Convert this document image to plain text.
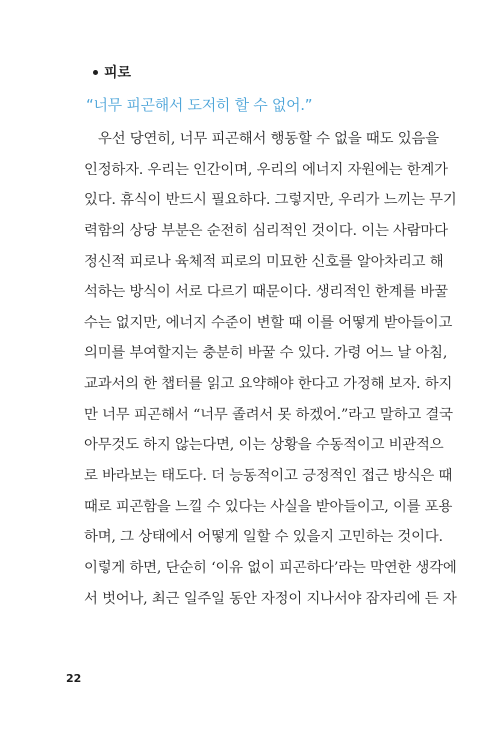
피로
“너무 피곤해서 도저히 할 수 없어.”
우선 당연히, 너무 피곤해서 행동할 수 없을 때도 있음을
인정하자. 우리는 인간이며, 우리의 에너지 자원에는 한계가
있다. 휴식이 반드시 필요하다. 그렇지만, 우리가 느끼는 무기
력함의 상당 부분은 순전히 심리적인 것이다. 이는 사람마다
정신적 피로나 육체적 피로의 미묘한 신호를 알아차리고 해
석하는 방식이 서로 다르기 때문이다. 생리적인 한계를 바꿀
수는 없지만, 에너지 수준이 변할 때 이를 어떻게 받아들이고
의미를 부여할지는 충분히 바꿀 수 있다. 가령 어느 날 아침,
교과서의 한 챕터를 읽고 요약해야 한다고 가정해 보자. 하지
만 너무 피곤해서 “너무 졸려서 못 하겠어.”라고 말하고 결국
아무것도 하지 않는다면, 이는 상황을 수동적이고 비관적으
로 바라보는 태도다. 더 능동적이고 긍정적인 접근 방식은 때
때로 피곤함을 느낄 수 있다는 사실을 받아들이고, 이를 포용
하며, 그 상태에서 어떻게 일할 수 있을지 고민하는 것이다.
이렇게 하면, 단순히 ‘이유 없이 피곤하다’라는 막연한 생각에
서 벗어나, 최근 일주일 동안 자정이 지나서야 잠자리에 든 자
22
